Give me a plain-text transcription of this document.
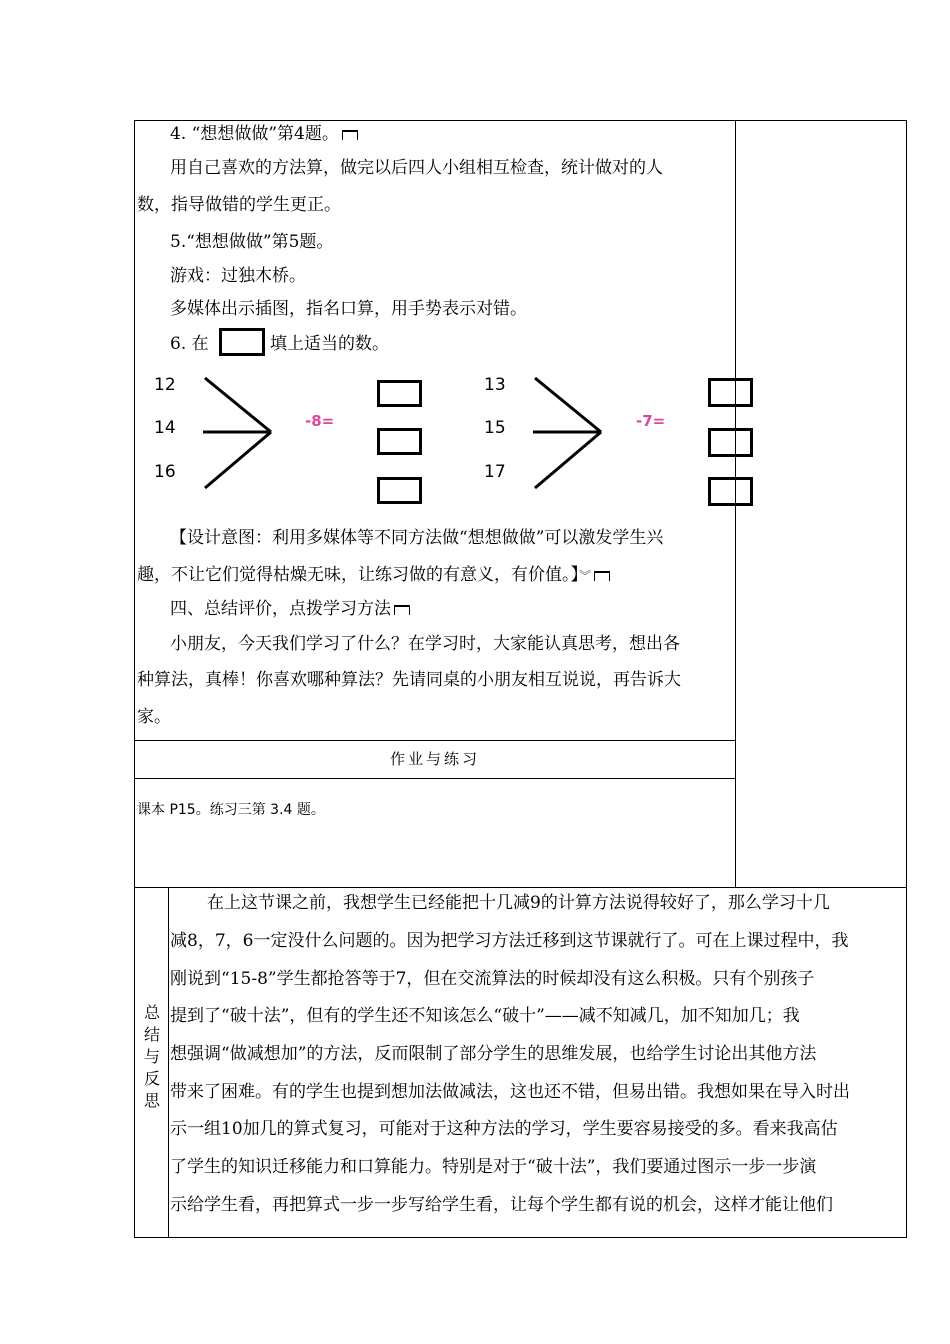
4. “想想做做”第4题。
用自己喜欢的方法算，做完以后四人小组相互检查，统计做对的人
数，指导做错的学生更正。
5.“想想做做”第5题。
游戏：过独木桥。
多媒体出示插图，指名口算，用手势表示对错。
6. 在	填上适当的数。
12
14
16
-8=
13
15
17
-7=
【设计意图：利用多媒体等不同方法做“想想做做”可以激发学生兴
趣，不让它们觉得枯燥无味，让练习做的有意义，有价值。】︾
四、总结评价，点拨学习方法
小朋友，今天我们学习了什么？在学习时，大家能认真思考，想出各
种算法，真棒！你喜欢哪种算法？先请同桌的小朋友相互说说，再告诉大
家。
作业与练习
课本 P15。练习三第 3.4 题。
总
结
与
反
思
在上这节课之前，我想学生已经能把十几减9的计算方法说得较好了，那么学习十几
减8，7，6一定没什么问题的。因为把学习方法迁移到这节课就行了。可在上课过程中，我
刚说到“15-8”学生都抢答等于7，但在交流算法的时候却没有这么积极。只有个别孩子
提到了“破十法”，但有的学生还不知该怎么“破十”——减不知减几，加不知加几；我
想强调“做减想加”的方法，反而限制了部分学生的思维发展，也给学生讨论出其他方法
带来了困难。有的学生也提到想加法做减法，这也还不错，但易出错。我想如果在导入时出
示一组10加几的算式复习，可能对于这种方法的学习，学生要容易接受的多。看来我高估
了学生的知识迁移能力和口算能力。特别是对于“破十法”，我们要通过图示一步一步演
示给学生看，再把算式一步一步写给学生看，让每个学生都有说的机会，这样才能让他们
